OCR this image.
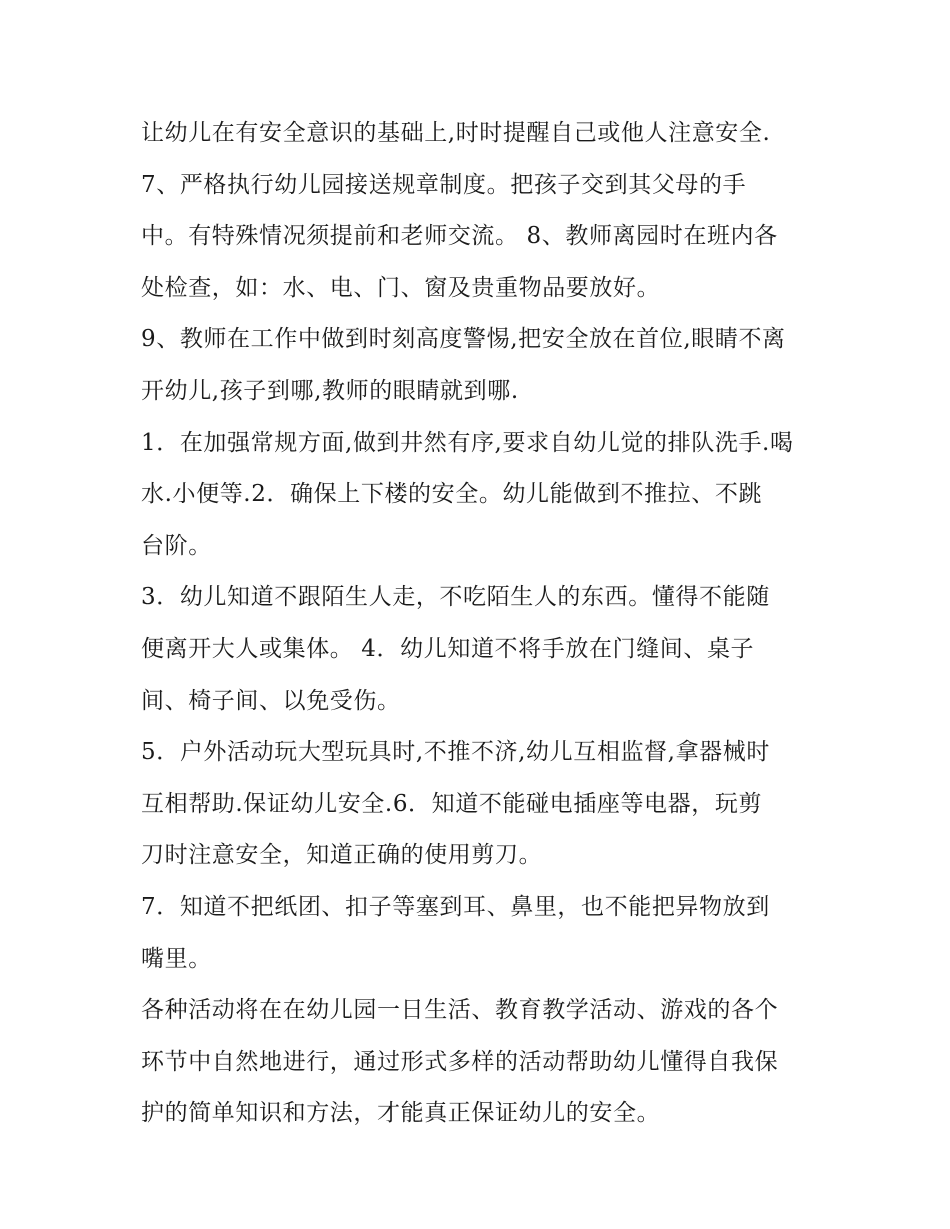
让幼儿在有安全意识的基础上,时时提醒自己或他人注意安全.
7、严格执行幼儿园接送规章制度。把孩子交到其父母的手
中。有特殊情况须提前和老师交流。 8、教师离园时在班内各
处检查，如：水、电、门、窗及贵重物品要放好。
9、教师在工作中做到时刻高度警惕,把安全放在首位,眼睛不离
开幼儿,孩子到哪,教师的眼睛就到哪.
1．在加强常规方面,做到井然有序,要求自幼儿觉的排队洗手.喝
水.小便等.2．确保上下楼的安全。幼儿能做到不推拉、不跳
台阶。
3．幼儿知道不跟陌生人走，不吃陌生人的东西。懂得不能随
便离开大人或集体。 4．幼儿知道不将手放在门缝间、桌子
间、椅子间、以免受伤。
5．户外活动玩大型玩具时,不推不济,幼儿互相监督,拿器械时
互相帮助.保证幼儿安全.6．知道不能碰电插座等电器，玩剪
刀时注意安全，知道正确的使用剪刀。
7．知道不把纸团、扣子等塞到耳、鼻里，也不能把异物放到
嘴里。
各种活动将在在幼儿园一日生活、教育教学活动、游戏的各个
环节中自然地进行，通过形式多样的活动帮助幼儿懂得自我保
护的简单知识和方法，才能真正保证幼儿的安全。
